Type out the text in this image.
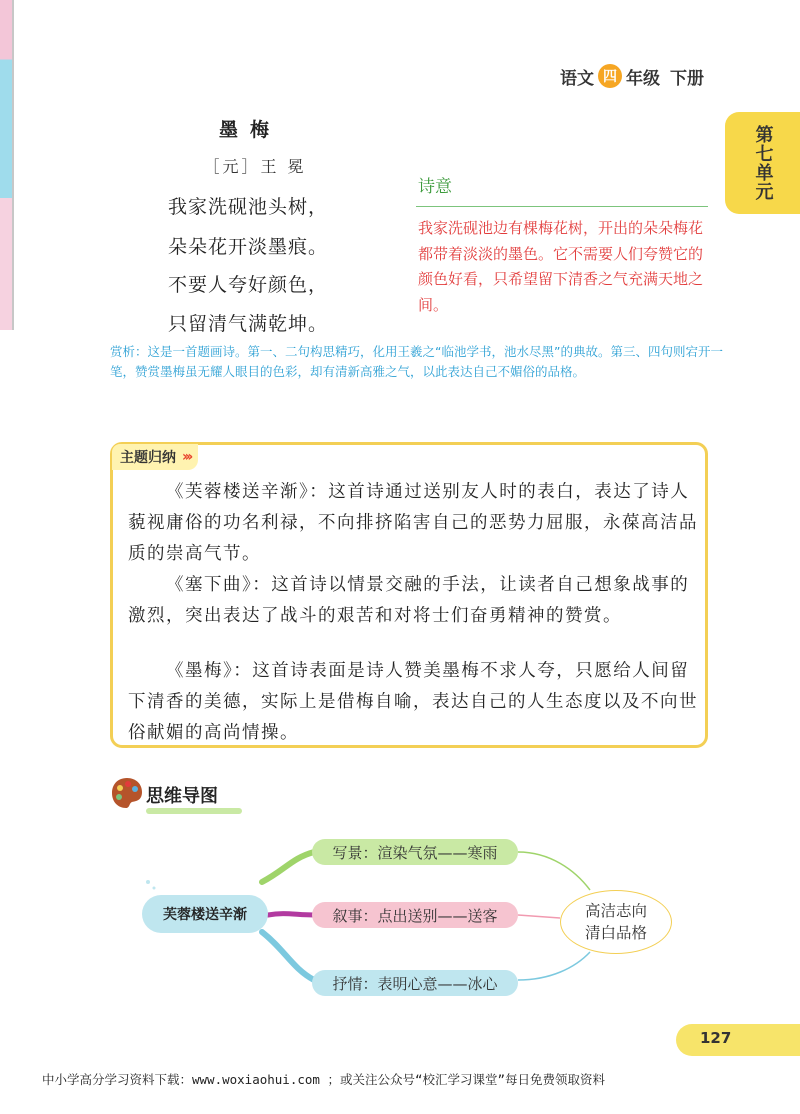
语文 四 年级 下册
第七单元
墨梅
［元］王 冕
我家洗砚池头树，
朵朵花开淡墨痕。
不要人夸好颜色，
只留清气满乾坤。
诗意
我家洗砚池边有棵梅花树，开出的朵朵梅花都带着淡淡的墨色。它不需要人们夸赞它的颜色好看，只希望留下清香之气充满天地之间。
赏析：这是一首题画诗。第一、二句构思精巧，化用王羲之“临池学书，池水尽黑”的典故。第三、四句则宕开一笔，赞赏墨梅虽无耀人眼目的色彩，却有清新高雅之气，以此表达自己不媚俗的品格。
主题归纳 ›››

《芙蓉楼送辛渐》：这首诗通过送别友人时的表白，表达了诗人藐视庸俗的功名利禄，不向排挤陷害自己的恶势力屈服，永葆高洁品质的崇高气节。

《塞下曲》：这首诗以情景交融的手法，让读者自己想象战事的激烈，突出表达了战斗的艰苦和对将士们奋勇精神的赞赏。

《墨梅》：这首诗表面是诗人赞美墨梅不求人夸，只愿给人间留下清香的美德，实际上是借梅自喻，表达自己的人生态度以及不向世俗献媚的高尚情操。

思维导图
芙蓉楼送辛渐
写景：渲染气氛——寒雨
叙事：点出送别——送客
抒情：表明心意——冰心
高洁志向
清白品格
127
中小学高分学习资料下载：www.woxiaohui.com ；或关注公众号“校汇学习课堂”每日免费领取资料
